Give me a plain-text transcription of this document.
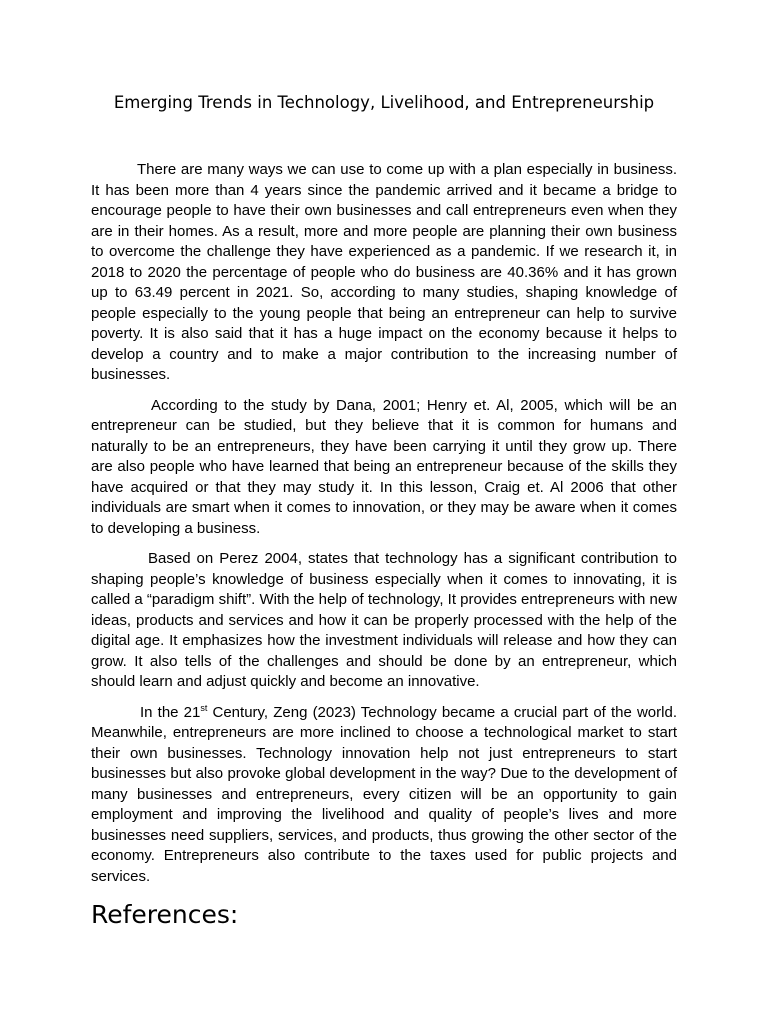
Emerging Trends in Technology, Livelihood, and Entrepreneurship

There are many ways we can use to come up with a plan especially in business. It has been more than 4 years since the pandemic arrived and it became a bridge to encourage people to have their own businesses and call entrepreneurs even when they are in their homes. As a result, more and more people are planning their own business to overcome the challenge they have experienced as a pandemic. If we research it, in 2018 to 2020 the percentage of people who do business are 40.36% and it has grown up to 63.49 percent in 2021. So, according to many studies, shaping knowledge of people especially to the young people that being an entrepreneur can help to survive poverty. It is also said that it has a huge impact on the economy because it helps to develop a country and to make a major contribution to the increasing number of businesses.

According to the study by Dana, 2001; Henry et. Al, 2005, which will be an entrepreneur can be studied, but they believe that it is common for humans and naturally to be an entrepreneurs, they have been carrying it until they grow up. There are also people who have learned that being an entrepreneur because of the skills they have acquired or that they may study it. In this lesson, Craig et. Al 2006 that other individuals are smart when it comes to innovation, or they may be aware when it comes to developing a business.

Based on Perez 2004, states that technology has a significant contribution to shaping people’s knowledge of business especially when it comes to innovating, it is called a “paradigm shift”. With the help of technology, It provides entrepreneurs with new ideas, products and services and how it can be properly processed with the help of the digital age. It emphasizes how the investment individuals will release and how they can grow. It also tells of the challenges and should be done by an entrepreneur, which should learn and adjust quickly and become an innovative.

In the 21st Century, Zeng (2023) Technology became a crucial part of the world. Meanwhile, entrepreneurs are more inclined to choose a technological market to start their own businesses. Technology innovation help not just entrepreneurs to start businesses but also provoke global development in the way? Due to the development of many businesses and entrepreneurs, every citizen will be an opportunity to gain employment and improving the livelihood and quality of people’s lives and more businesses need suppliers, services, and products, thus growing the other sector of the economy. Entrepreneurs also contribute to the taxes used for public projects and services.

References:
